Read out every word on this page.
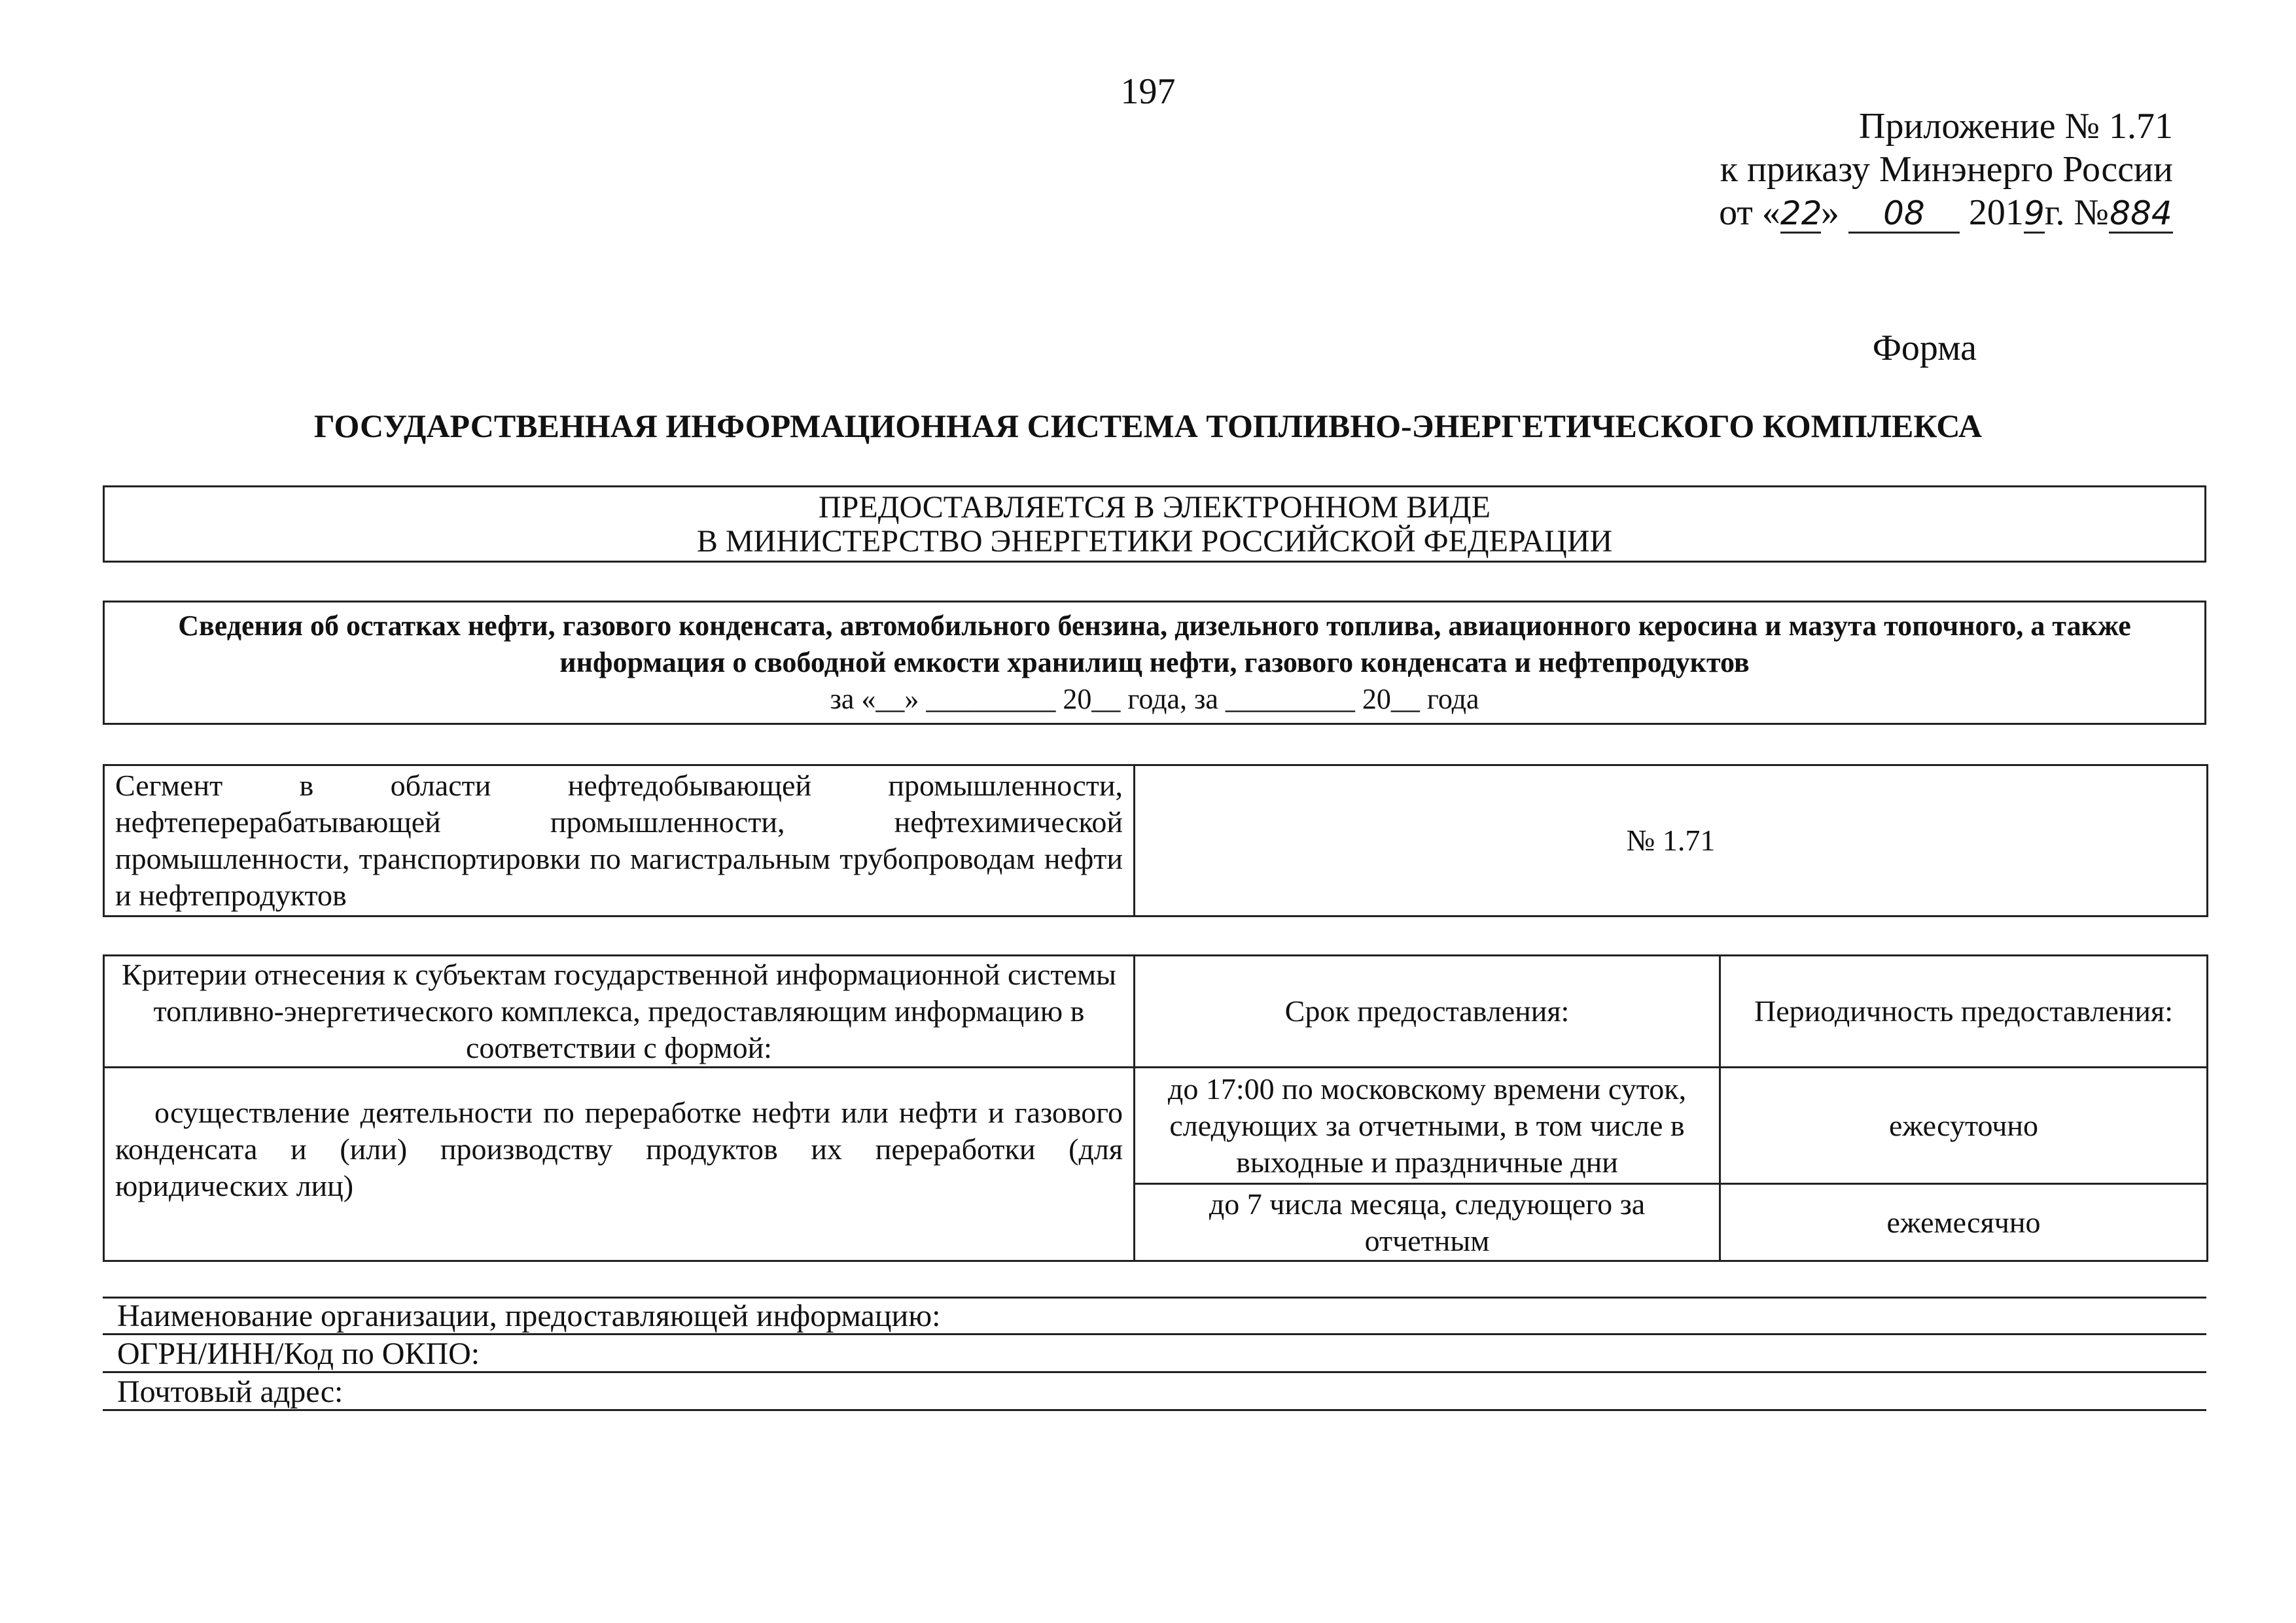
197
Приложение № 1.71
к приказу Минэнерго России
от «22» 08 2019г. №884
Форма
ГОСУДАРСТВЕННАЯ ИНФОРМАЦИОННАЯ СИСТЕМА ТОПЛИВНО-ЭНЕРГЕТИЧЕСКОГО КОМПЛЕКСА
ПРЕДОСТАВЛЯЕТСЯ В ЭЛЕКТРОННОМ ВИДЕ
В МИНИСТЕРСТВО ЭНЕРГЕТИКИ РОССИЙСКОЙ ФЕДЕРАЦИИ
Сведения об остатках нефти, газового конденсата, автомобильного бензина, дизельного топлива, авиационного керосина и мазута топочного, а также информация о свободной емкости хранилищ нефти, газового конденсата и нефтепродуктов
за «__» _________ 20__ года, за _________ 20__ года
Сегмент в области нефтедобывающей промышленности, нефтеперерабатывающей промышленности, нефтехимической промышленности, транспортировки по магистральным трубопроводам нефти и нефтепродуктов	№ 1.71
Критерии отнесения к субъектам государственной информационной системы топливно-энергетического комплекса, предоставляющим информацию в соответствии с формой:	Срок предоставления:	Периодичность предоставления:
осуществление деятельности по переработке нефти или нефти и газового конденсата и (или) производству продуктов их переработки (для юридических лиц)	до 17:00 по московскому времени суток, следующих за отчетными, в том числе в выходные и праздничные дни	ежесуточно
	до 7 числа месяца, следующего за отчетным	ежемесячно
Наименование организации, предоставляющей информацию:
ОГРН/ИНН/Код по ОКПО:
Почтовый адрес:
